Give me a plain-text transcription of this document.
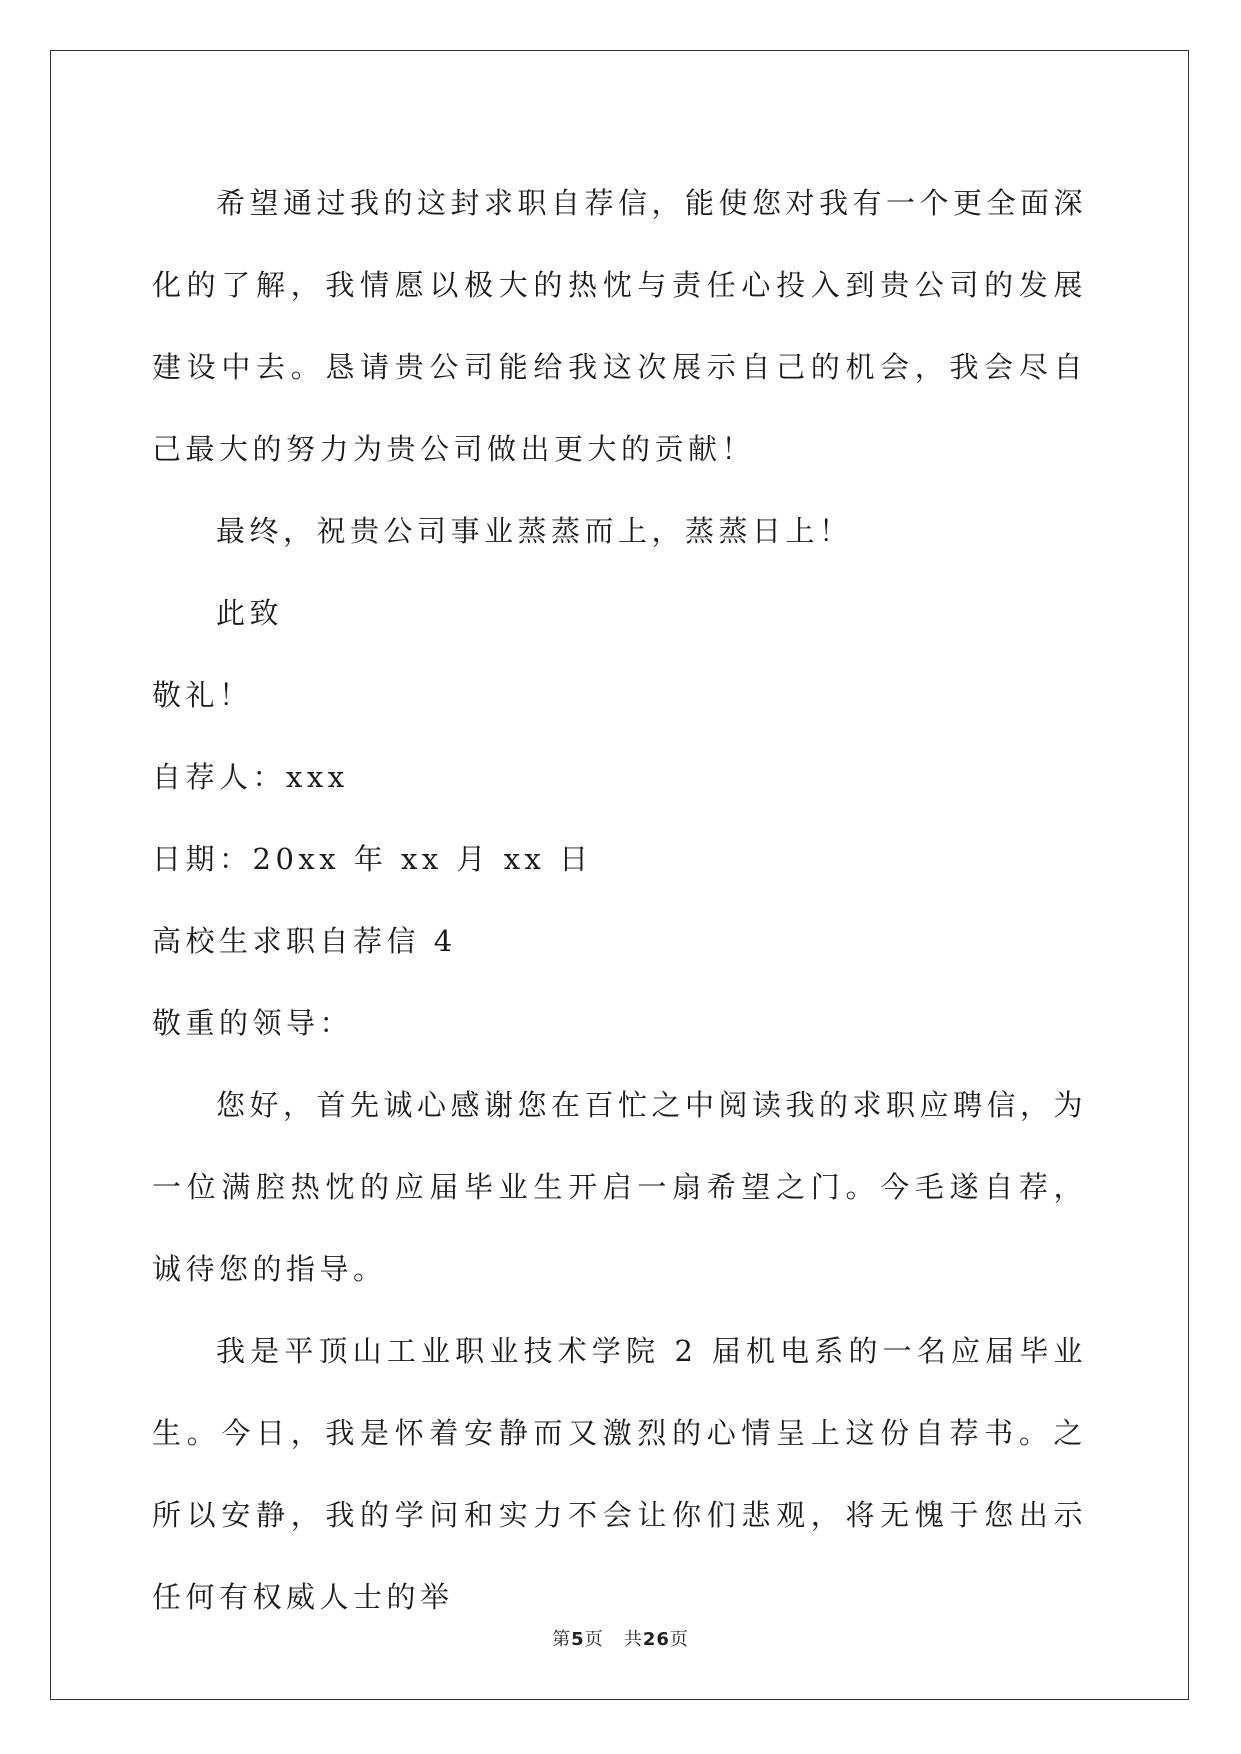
希望通过我的这封求职自荐信，能使您对我有一个更全面深化的了解，我情愿以极大的热忱与责任心投入到贵公司的发展建设中去。恳请贵公司能给我这次展示自己的机会，我会尽自己最大的努力为贵公司做出更大的贡献！

最终，祝贵公司事业蒸蒸而上，蒸蒸日上！

此致

敬礼！

自荐人：xxx

日期：20xx 年 xx 月 xx 日

高校生求职自荐信 4

敬重的领导：

您好，首先诚心感谢您在百忙之中阅读我的求职应聘信，为一位满腔热忱的应届毕业生开启一扇希望之门。今毛遂自荐，诚待您的指导。

我是平顶山工业职业技术学院 2 届机电系的一名应届毕业生。今日，我是怀着安静而又激烈的心情呈上这份自荐书。之所以安静，我的学问和实力不会让你们悲观，将无愧于您出示任何有权威人士的举

第5页 共26页
